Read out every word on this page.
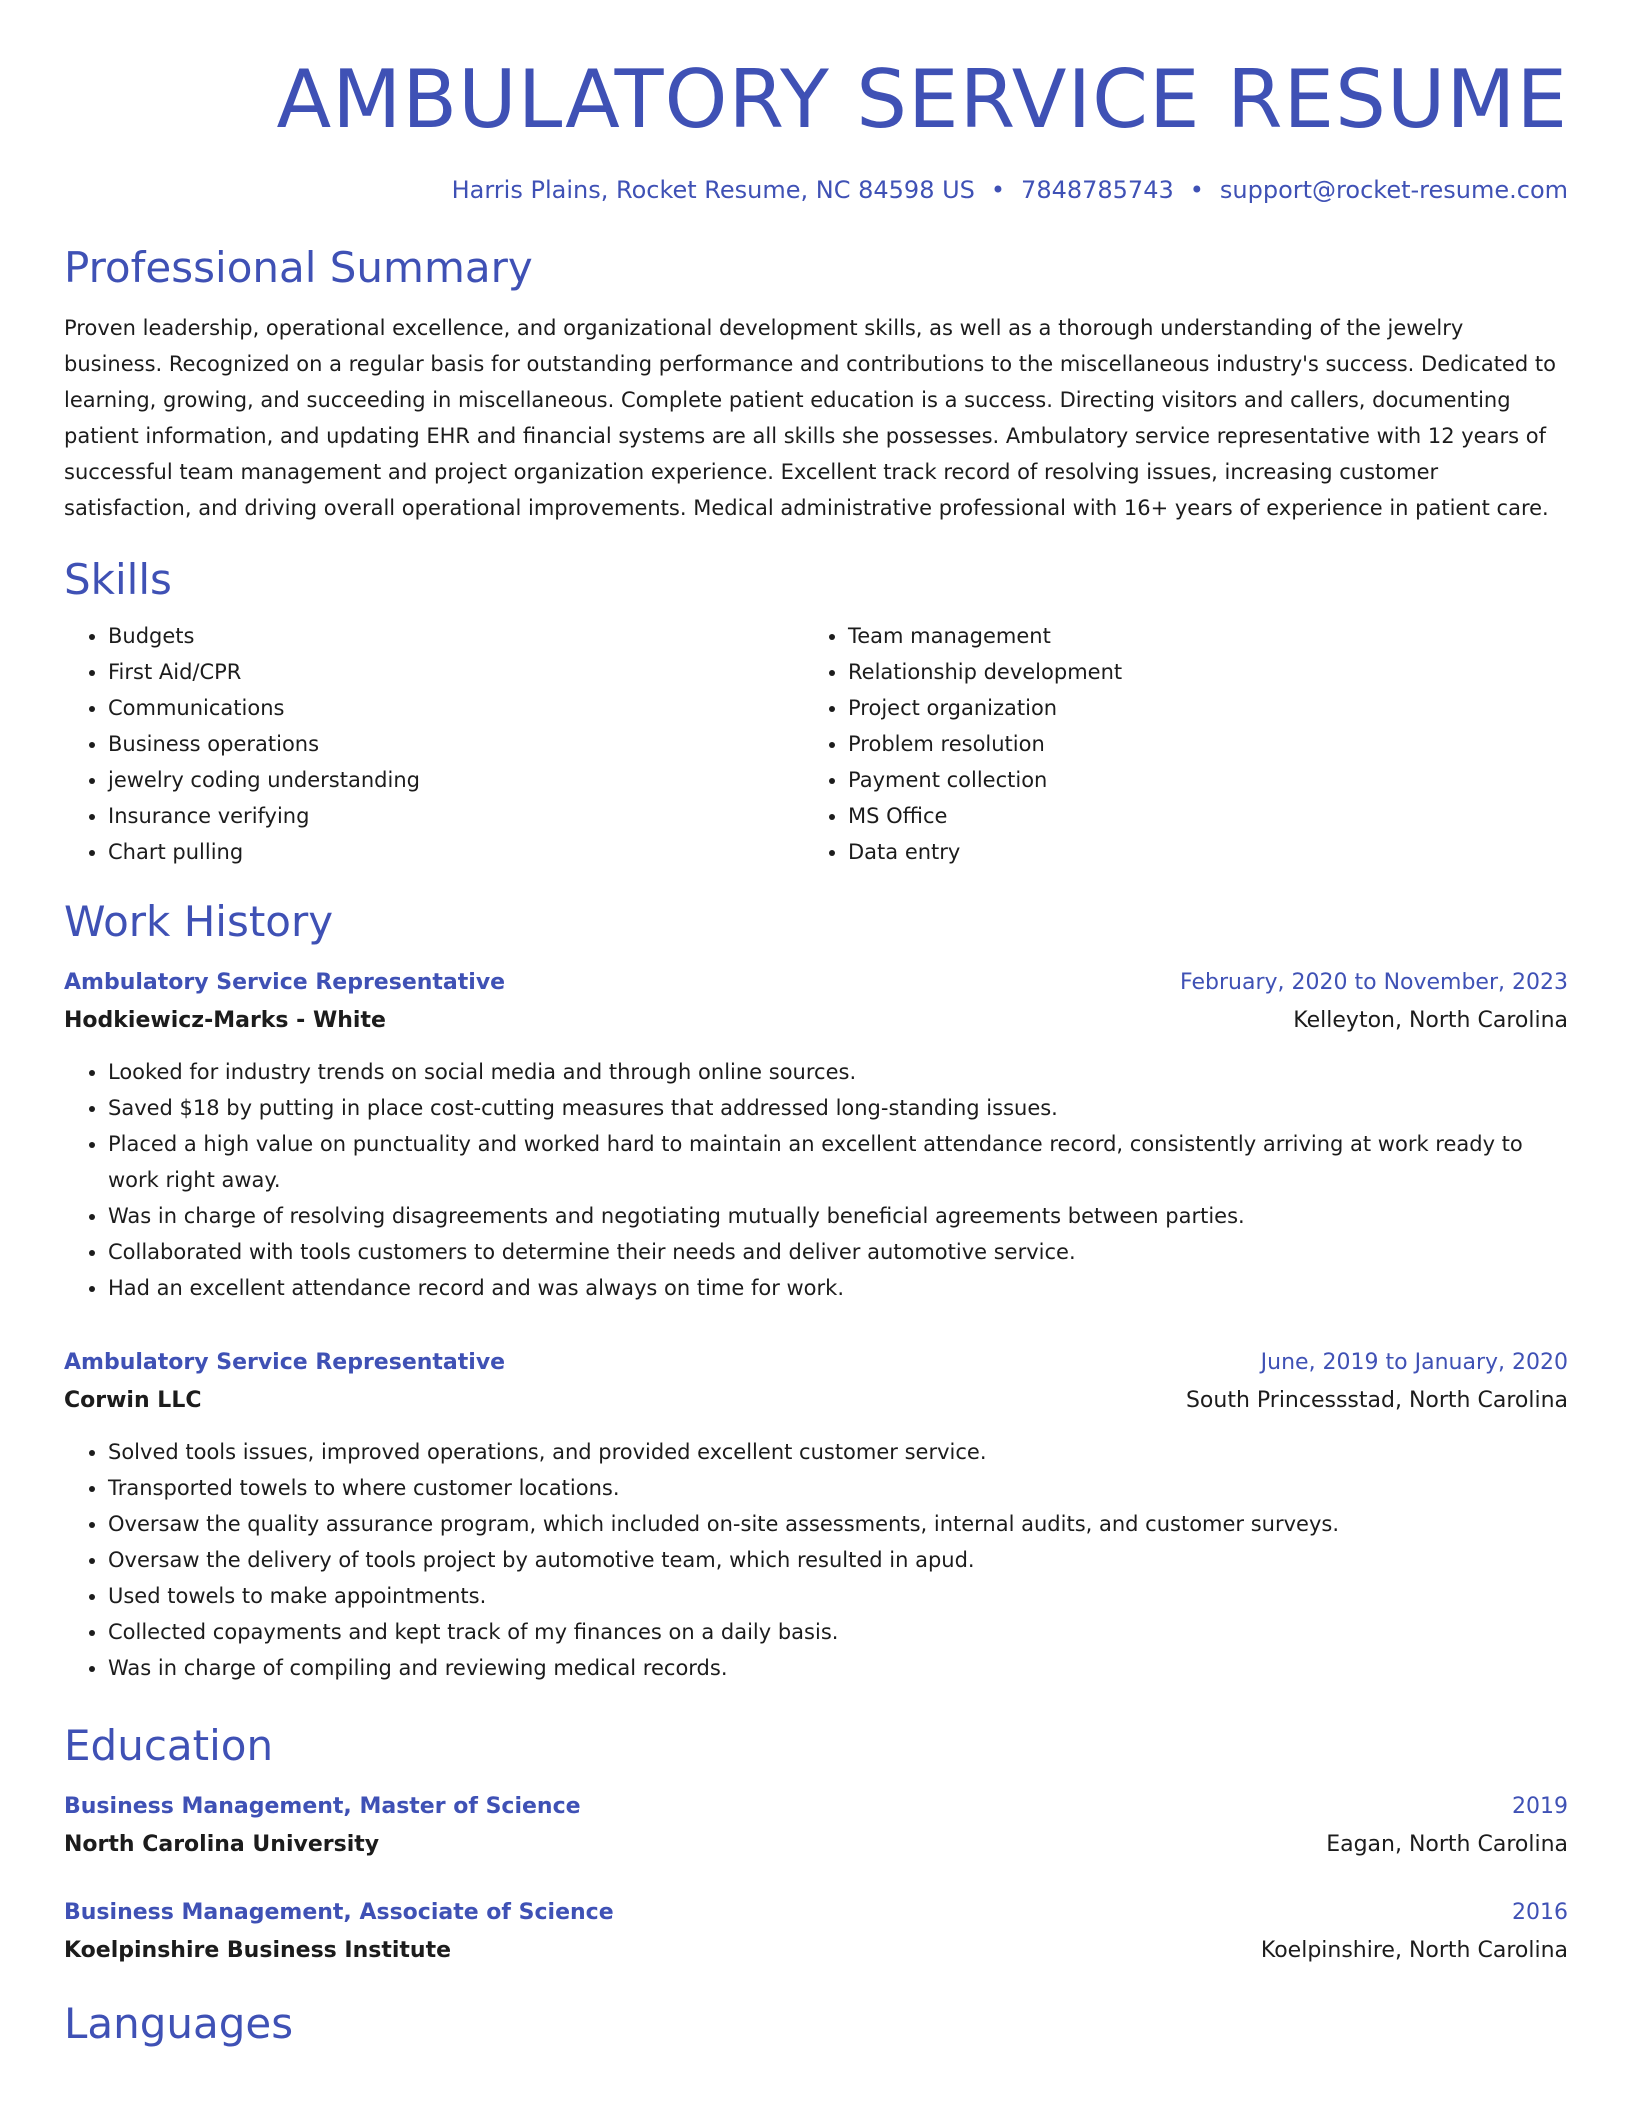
AMBULATORY SERVICE RESUME
Harris Plains, Rocket Resume, NC 84598 US • 7848785743 • support@rocket-resume.com
Professional Summary

Proven leadership, operational excellence, and organizational development skills, as well as a thorough understanding of the jewelry business. Recognized on a regular basis for outstanding performance and contributions to the miscellaneous industry's success. Dedicated to learning, growing, and succeeding in miscellaneous. Complete patient education is a success. Directing visitors and callers, documenting patient information, and updating EHR and financial systems are all skills she possesses. Ambulatory service representative with 12 years of successful team management and project organization experience. Excellent track record of resolving issues, increasing customer satisfaction, and driving overall operational improvements. Medical administrative professional with 16+ years of experience in patient care.

Skills
• Budgets
• First Aid/CPR
• Communications
• Business operations
• jewelry coding understanding
• Insurance verifying
• Chart pulling
• Team management
• Relationship development
• Project organization
• Problem resolution
• Payment collection
• MS Office
• Data entry
Work History
Ambulatory Service Representative	February, 2020 to November, 2023
Hodkiewicz-Marks - White	Kelleyton, North Carolina
• Looked for industry trends on social media and through online sources.
• Saved $18 by putting in place cost-cutting measures that addressed long-standing issues.
• Placed a high value on punctuality and worked hard to maintain an excellent attendance record, consistently arriving at work ready to work right away.
• Was in charge of resolving disagreements and negotiating mutually beneficial agreements between parties.
• Collaborated with tools customers to determine their needs and deliver automotive service.
• Had an excellent attendance record and was always on time for work.
Ambulatory Service Representative	June, 2019 to January, 2020
Corwin LLC	South Princessstad, North Carolina
• Solved tools issues, improved operations, and provided excellent customer service.
• Transported towels to where customer locations.
• Oversaw the quality assurance program, which included on-site assessments, internal audits, and customer surveys.
• Oversaw the delivery of tools project by automotive team, which resulted in apud.
• Used towels to make appointments.
• Collected copayments and kept track of my finances on a daily basis.
• Was in charge of compiling and reviewing medical records.
Education
Business Management, Master of Science	2019
North Carolina University	Eagan, North Carolina
Business Management, Associate of Science	2016
Koelpinshire Business Institute	Koelpinshire, North Carolina
Languages
